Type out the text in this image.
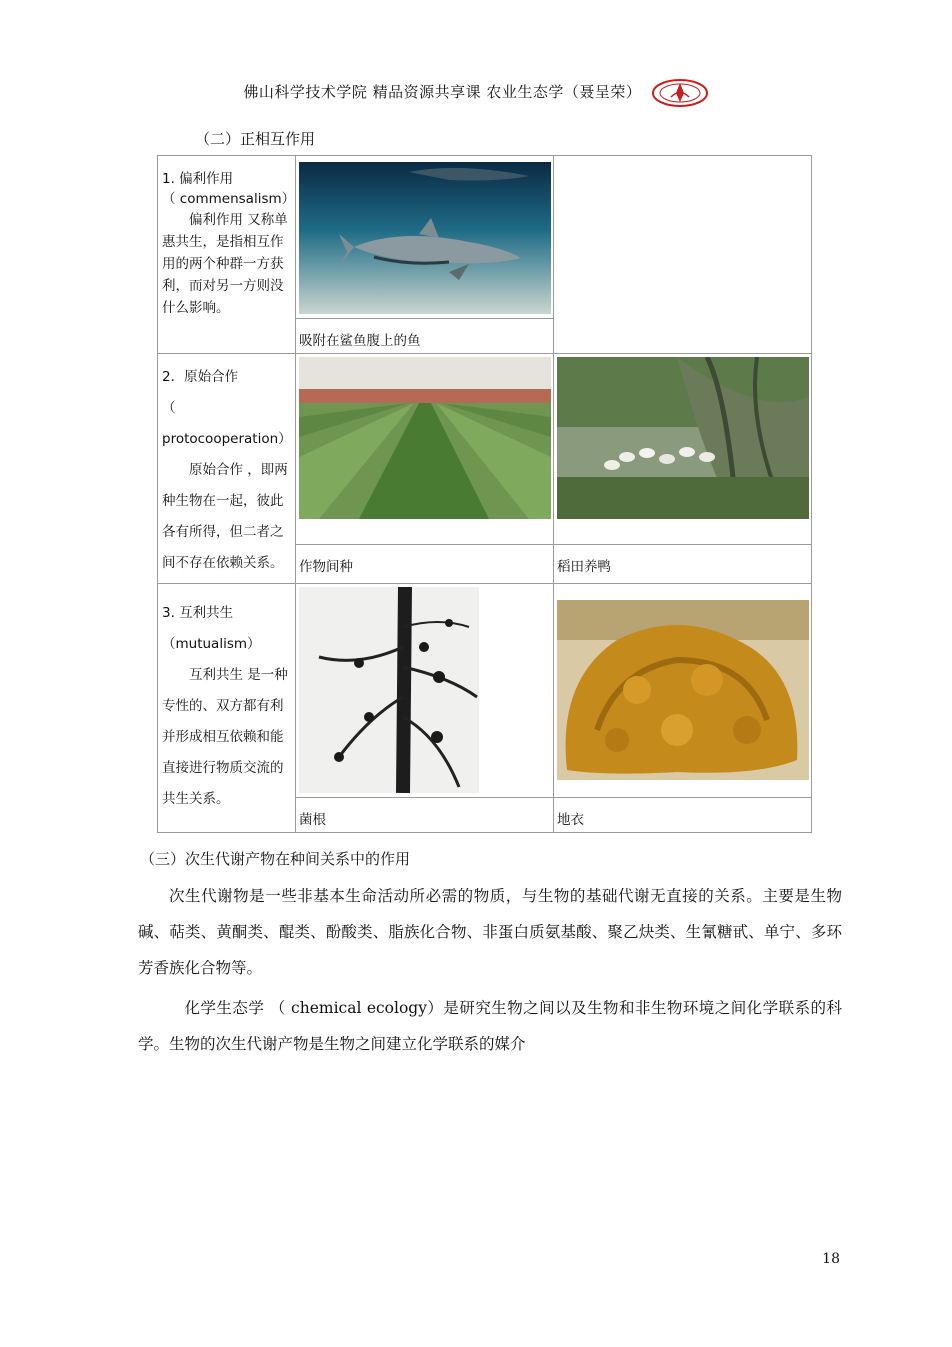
佛山科学技术学院 精品资源共享课 农业生态学（聂呈荣）
（二）正相互作用
1. 偏利作用
（ commensalism）
偏利作用 又称单惠共生，是指相互作用的两个种群一方获利，而对另一方则没什么影响。

	吸附在鲨鱼腹上的鱼	

2．原始合作
（ protocooperation）
原始合作 ，即两种生物在一起，彼此各有所得，但二者之间不存在依赖关系。

	作物间种	稻田养鸭

3. 互利共生
（mutualism）
互利共生 是一种专性的、双方都有利并形成相互依赖和能直接进行物质交流的共生关系。

	菌根	地衣
（三）次生代谢产物在种间关系中的作用
次生代谢物是一些非基本生命活动所必需的物质，与生物的基础代谢无直接的关系。主要是生物碱、萜类、黄酮类、醌类、酚酸类、脂族化合物、非蛋白质氨基酸、聚乙炔类、生氰糖甙、单宁、多环芳香族化合物等。
化学生态学 （ chemical ecology）是研究生物之间以及生物和非生物环境之间化学联系的科学。生物的次生代谢产物是生物之间建立化学联系的媒介
18
